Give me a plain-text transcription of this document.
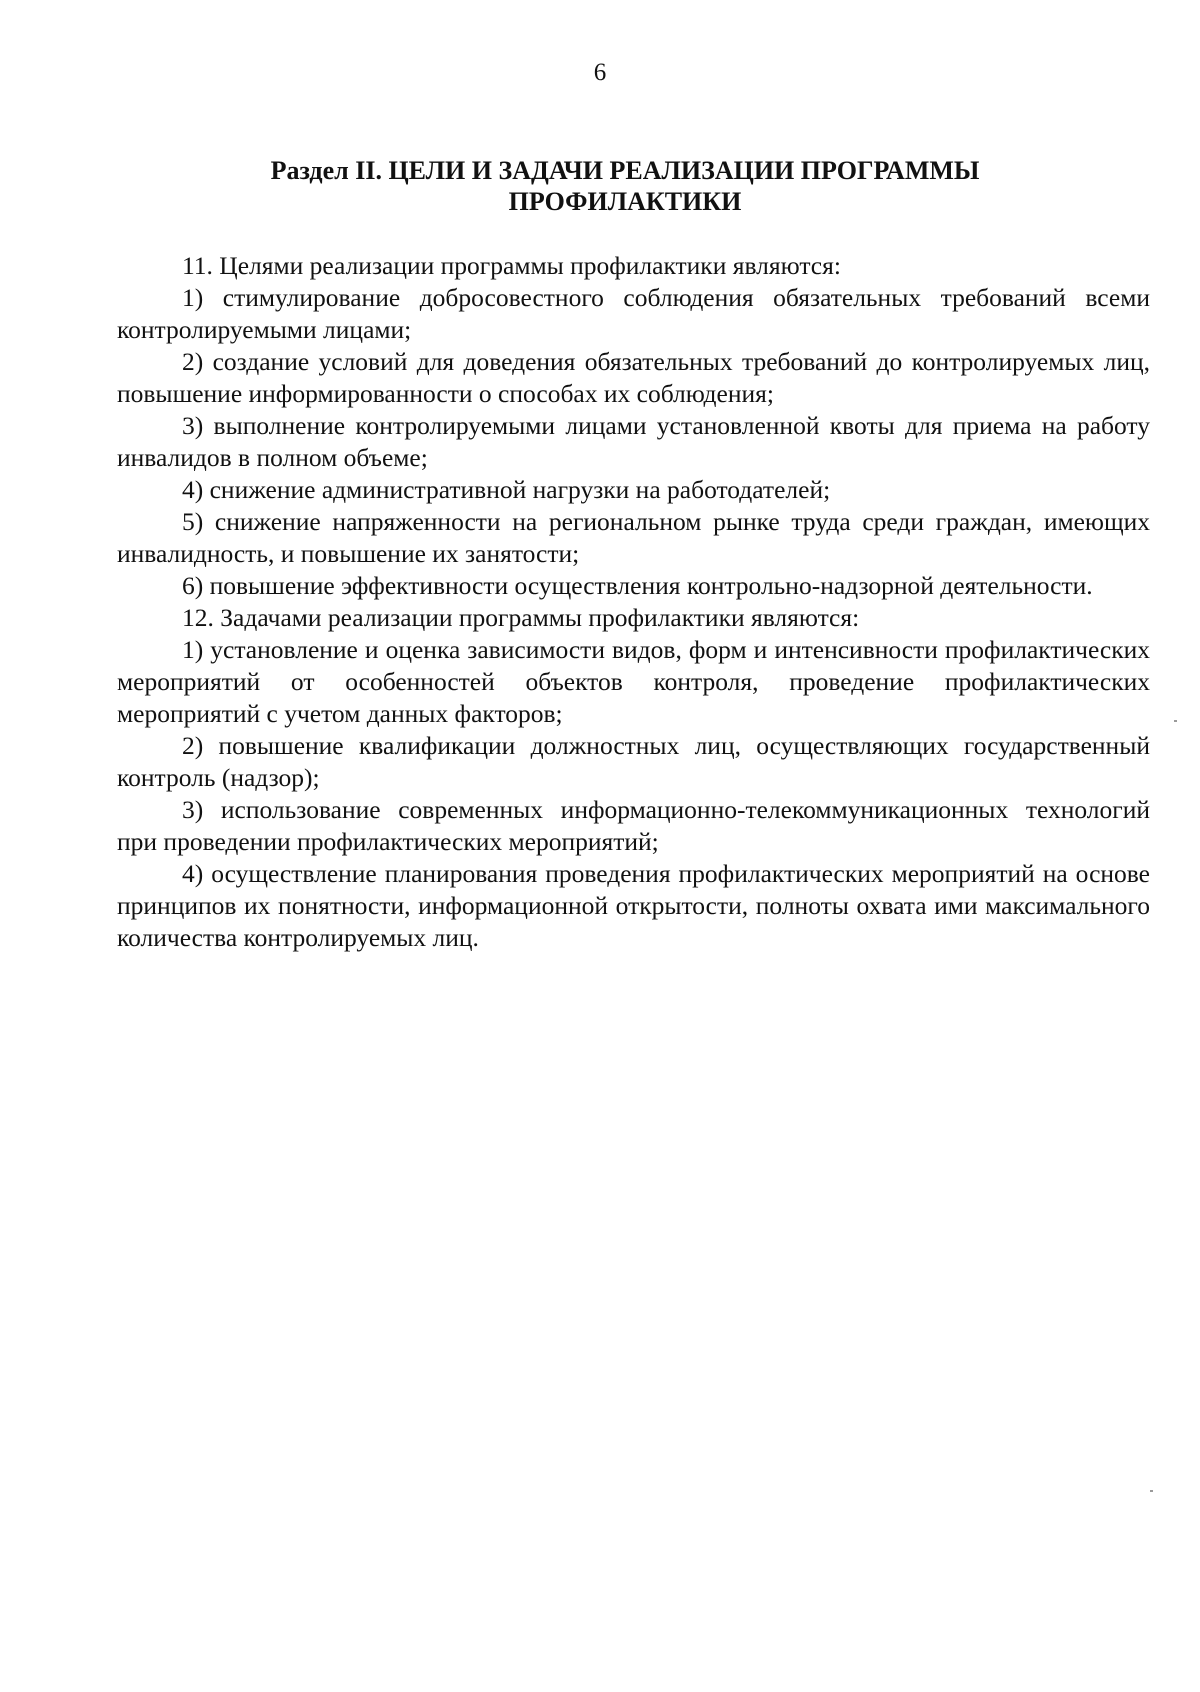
6
Раздел II. ЦЕЛИ И ЗАДАЧИ РЕАЛИЗАЦИИ ПРОГРАММЫ
ПРОФИЛАКТИКИ

11. Целями реализации программы профилактики являются:

1) стимулирование добросовестного соблюдения обязательных требований всеми контролируемыми лицами;

2) создание условий для доведения обязательных требований до контролируемых лиц, повышение информированности о способах их соблюдения;

3) выполнение контролируемыми лицами установленной квоты для приема на работу инвалидов в полном объеме;

4) снижение административной нагрузки на работодателей;

5) снижение напряженности на региональном рынке труда среди граждан, имеющих инвалидность, и повышение их занятости;

6) повышение эффективности осуществления контрольно-надзорной деятельности.

12. Задачами реализации программы профилактики являются:

1) установление и оценка зависимости видов, форм и интенсивности профилактических мероприятий от особенностей объектов контроля, проведение профилактических мероприятий с учетом данных факторов;

2) повышение квалификации должностных лиц, осуществляющих государственный контроль (надзор);

3) использование современных информационно-телекоммуникационных технологий при проведении профилактических мероприятий;

4) осуществление планирования проведения профилактических мероприятий на основе принципов их понятности, информационной открытости, полноты охвата ими максимального количества контролируемых лиц.
